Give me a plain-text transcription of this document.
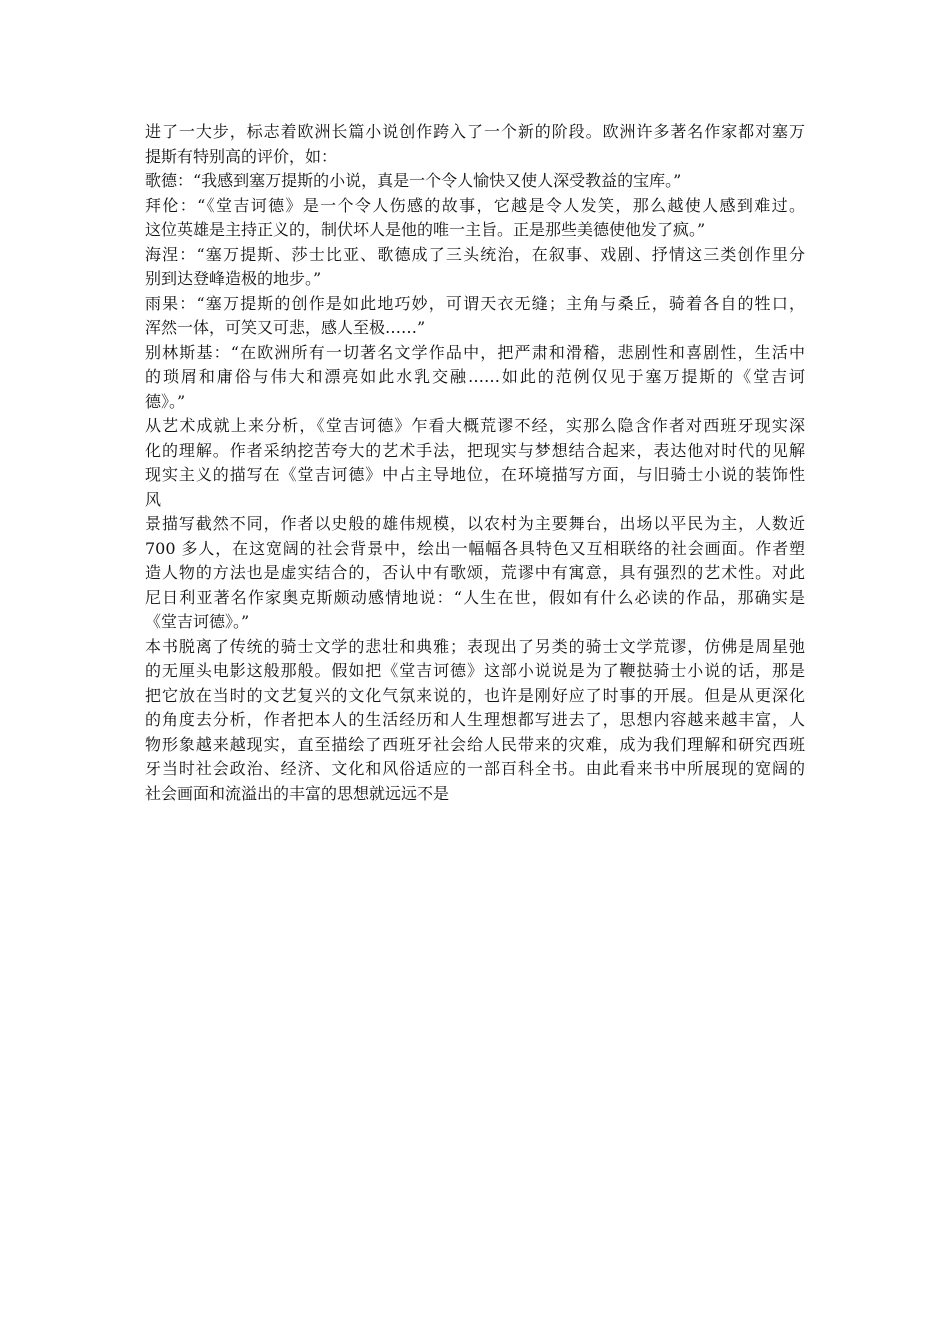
进了一大步，标志着欧洲长篇小说创作跨入了一个新的阶段。欧洲许多著名作家都对塞万
提斯有特别高的评价，如：
歌德：“我感到塞万提斯的小说，真是一个令人愉快又使人深受教益的宝库。”
拜伦：“《堂吉诃德》是一个令人伤感的故事，它越是令人发笑，那么越使人感到难过。
这位英雄是主持正义的，制伏坏人是他的唯一主旨。正是那些美德使他发了疯。”
海涅：“塞万提斯、莎士比亚、歌德成了三头统治，在叙事、戏剧、抒情这三类创作里分
别到达登峰造极的地步。”
雨果：“塞万提斯的创作是如此地巧妙，可谓天衣无缝；主角与桑丘，骑着各自的牲口，
浑然一体，可笑又可悲，感人至极……”
别林斯基：“在欧洲所有一切著名文学作品中，把严肃和滑稽，悲剧性和喜剧性，生活中
的琐屑和庸俗与伟大和漂亮如此水乳交融……如此的范例仅见于塞万提斯的《堂吉诃
德》。”
从艺术成就上来分析，《堂吉诃德》乍看大概荒谬不经，实那么隐含作者对西班牙现实深
化的理解。作者采纳挖苦夸大的艺术手法，把现实与梦想结合起来，表达他对时代的见解
现实主义的描写在《堂吉诃德》中占主导地位，在环境描写方面，与旧骑士小说的装饰性
风
景描写截然不同，作者以史般的雄伟规模，以农村为主要舞台，出场以平民为主，人数近
700 多人，在这宽阔的社会背景中，绘出一幅幅各具特色又互相联络的社会画面。作者塑
造人物的方法也是虚实结合的，否认中有歌颂，荒谬中有寓意，具有强烈的艺术性。对此
尼日利亚著名作家奥克斯颇动感情地说：“人生在世，假如有什么必读的作品，那确实是
《堂吉诃德》。”
本书脱离了传统的骑士文学的悲壮和典雅；表现出了另类的骑士文学荒谬，仿佛是周星弛
的无厘头电影这般那般。假如把《堂吉诃德》这部小说说是为了鞭挞骑士小说的话，那是
把它放在当时的文艺复兴的文化气氛来说的，也许是刚好应了时事的开展。但是从更深化
的角度去分析，作者把本人的生活经历和人生理想都写进去了，思想内容越来越丰富，人
物形象越来越现实，直至描绘了西班牙社会给人民带来的灾难，成为我们理解和研究西班
牙当时社会政治、经济、文化和风俗适应的一部百科全书。由此看来书中所展现的宽阔的
社会画面和流溢出的丰富的思想就远远不是
